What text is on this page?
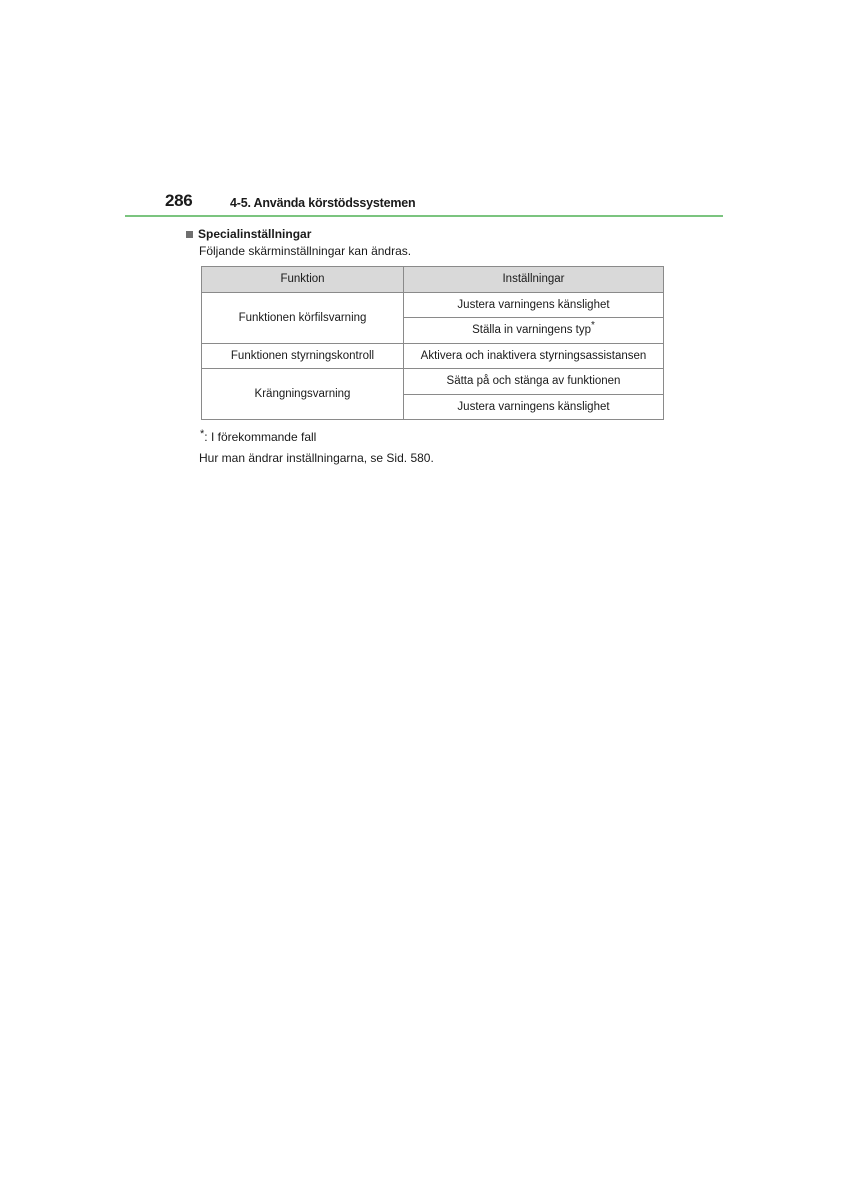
286	4-5. Använda körstödssystemen
Specialinställningar
Följande skärminställningar kan ändras.
Funktion	Inställningar
Funktionen körfilsvarning	Justera varningens känslighet
	Ställa in varningens typ*
Funktionen styrningskontroll	Aktivera och inaktivera styrningsassistansen
Krängningsvarning	Sätta på och stänga av funktionen
	Justera varningens känslighet
*: I förekommande fall
Hur man ändrar inställningarna, se Sid. 580.
